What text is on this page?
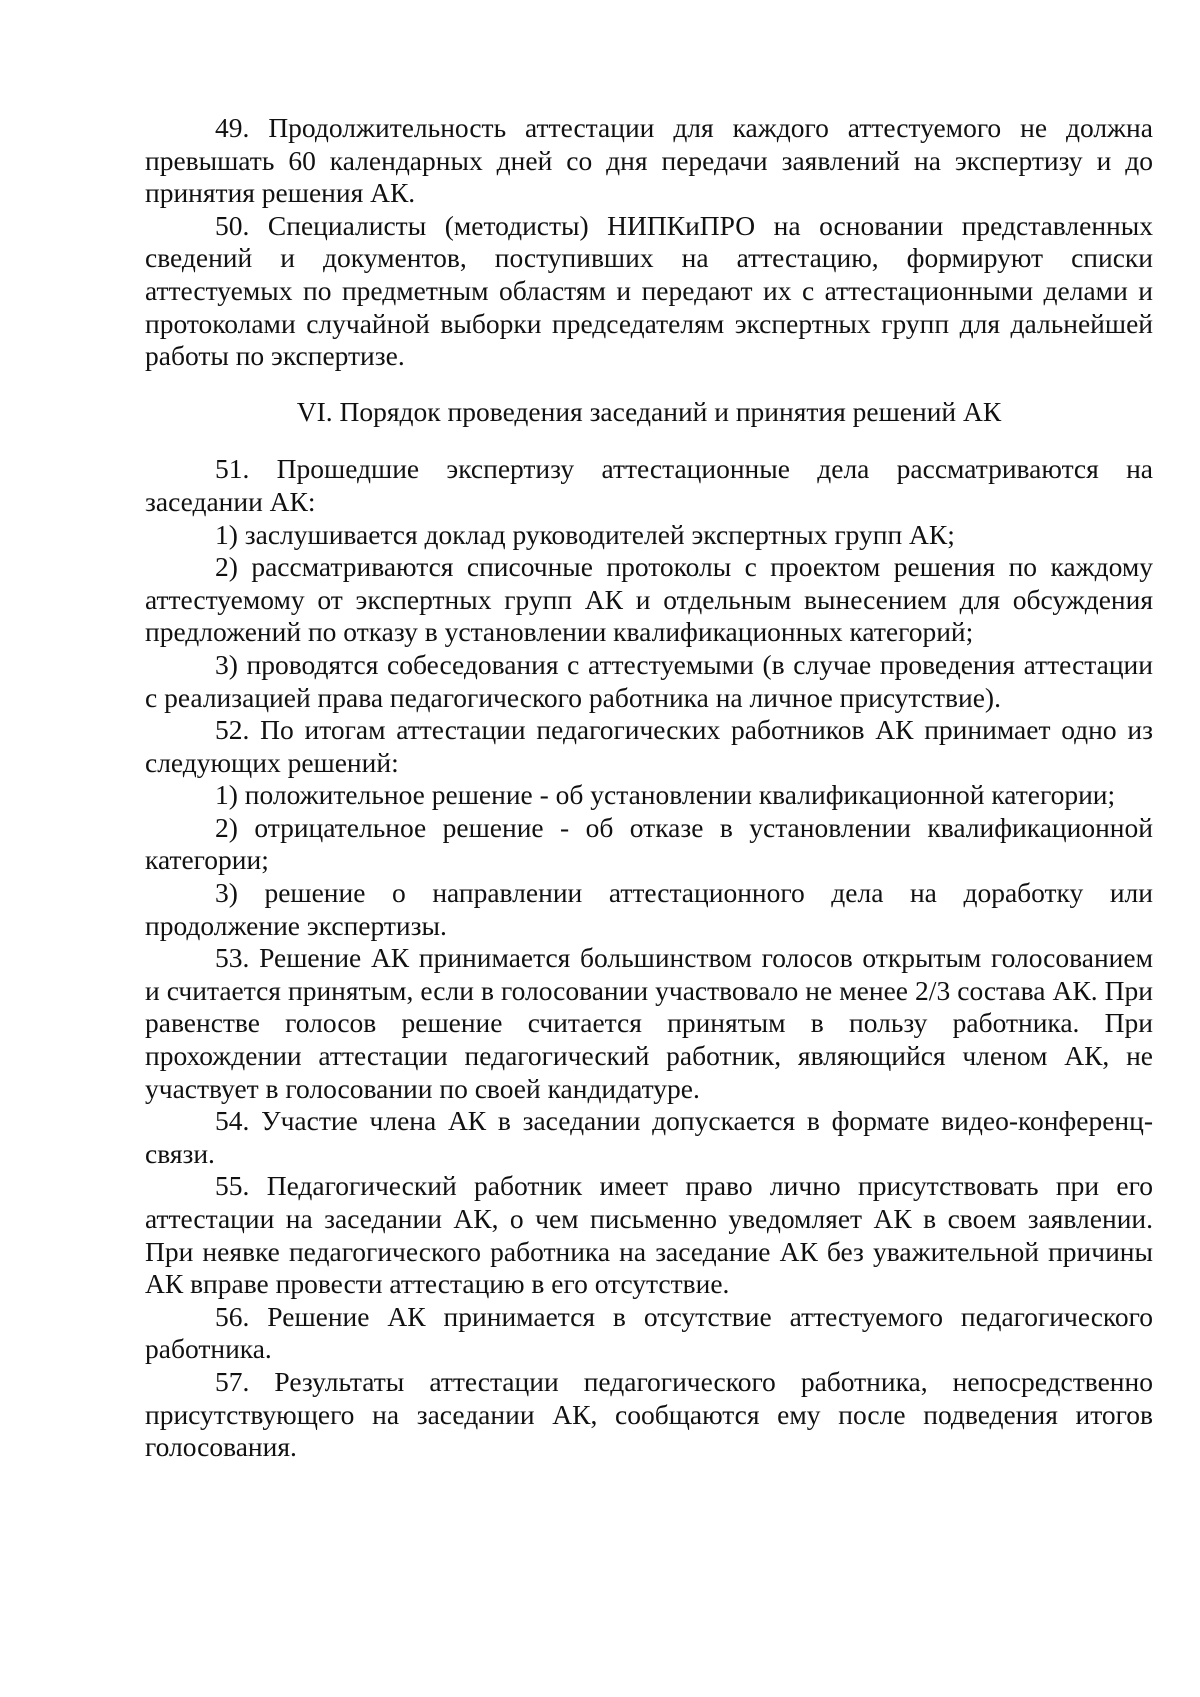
49. Продолжительность аттестации для каждого аттестуемого не должна превышать 60 календарных дней со дня передачи заявлений на экспертизу и до принятия решения АК.

50. Специалисты (методисты) НИПКиПРО на основании представленных сведений и документов, поступивших на аттестацию, формируют списки аттестуемых по предметным областям и передают их с аттестационными делами и протоколами случайной выборки председателям экспертных групп для дальнейшей работы по экспертизе.

VI. Порядок проведения заседаний и принятия решений АК

51. Прошедшие экспертизу аттестационные дела рассматриваются на заседании АК:

1) заслушивается доклад руководителей экспертных групп АК;

2) рассматриваются списочные протоколы с проектом решения по каждому аттестуемому от экспертных групп АК и отдельным вынесением для обсуждения предложений по отказу в установлении квалификационных категорий;

3) проводятся собеседования с аттестуемыми (в случае проведения аттестации с реализацией права педагогического работника на личное присутствие).

52. По итогам аттестации педагогических работников АК принимает одно из следующих решений:

1) положительное решение - об установлении квалификационной категории;

2) отрицательное решение - об отказе в установлении квалификационной категории;

3) решение о направлении аттестационного дела на доработку или продолжение экспертизы.

53. Решение АК принимается большинством голосов открытым голосованием и считается принятым, если в голосовании участвовало не менее 2/3 состава АК. При равенстве голосов решение считается принятым в пользу работника. При прохождении аттестации педагогический работник, являющийся членом АК, не участвует в голосовании по своей кандидатуре.

54. Участие члена АК в заседании допускается в формате видео-конференц-связи.

55. Педагогический работник имеет право лично присутствовать при его аттестации на заседании АК, о чем письменно уведомляет АК в своем заявлении. При неявке педагогического работника на заседание АК без уважительной причины АК вправе провести аттестацию в его отсутствие.

56. Решение АК принимается в отсутствие аттестуемого педагогического работника.

57. Результаты аттестации педагогического работника, непосредственно присутствующего на заседании АК, сообщаются ему после подведения итогов голосования.
